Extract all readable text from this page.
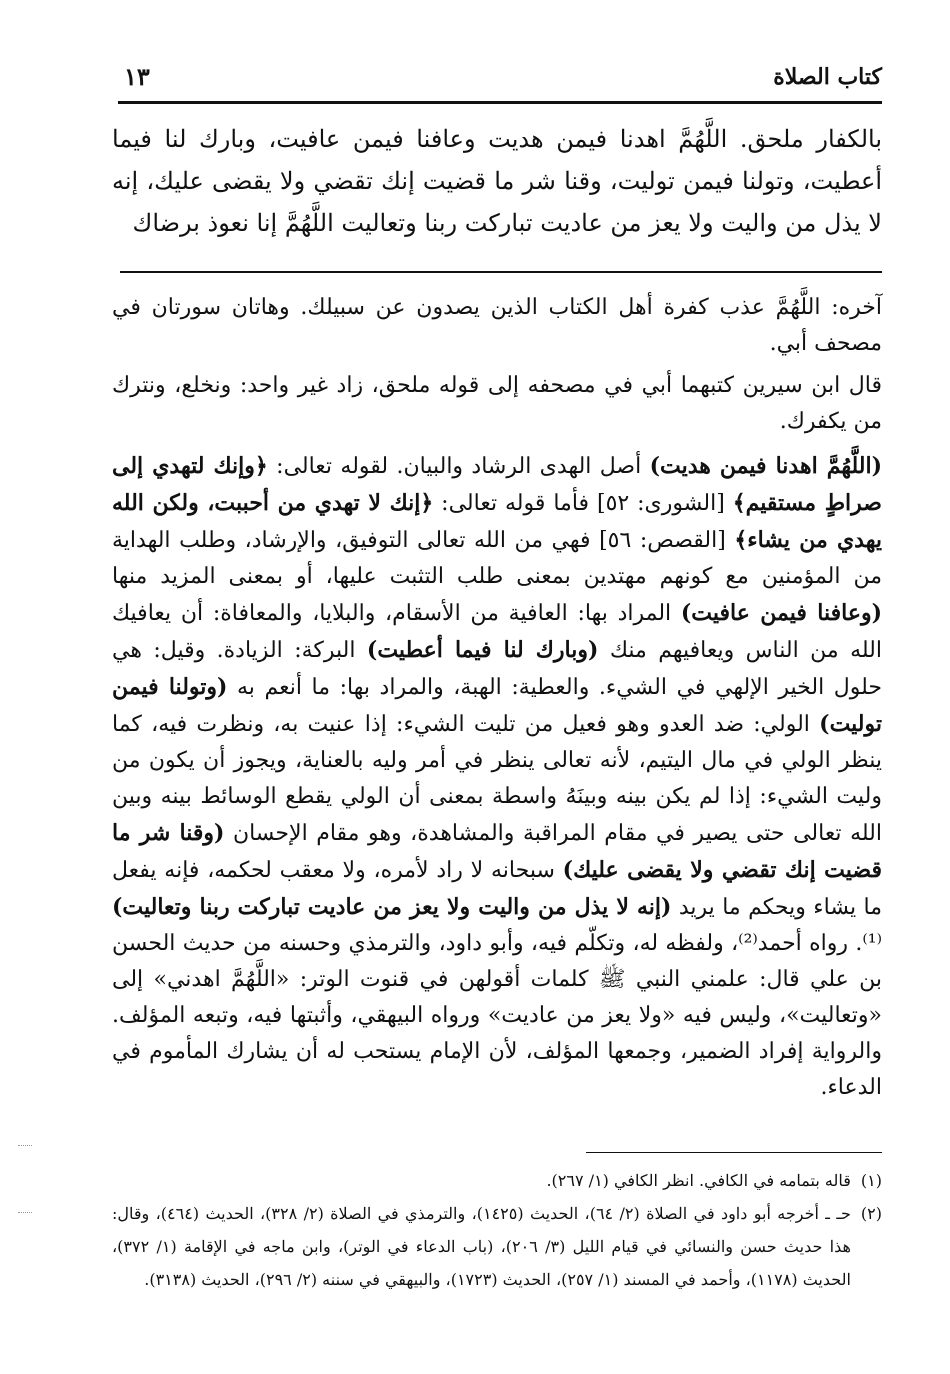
كتاب الصلاة
١٣
بالكفار ملحق. اللَّهُمَّ اهدنا فيمن هديت وعافنا فيمن عافيت، وبارك لنا فيما أعطيت، وتولنا فيمن توليت، وقنا شر ما قضيت إنك تقضي ولا يقضى عليك، إنه لا يذل من واليت ولا يعز من عاديت تباركت ربنا وتعاليت اللَّهُمَّ إنا نعوذ برضاك

آخره: اللَّهُمَّ عذب كفرة أهل الكتاب الذين يصدون عن سبيلك. وهاتان سورتان في مصحف أبي.

قال ابن سيرين كتبهما أبي في مصحفه إلى قوله ملحق، زاد غير واحد: ونخلع، ونترك من يكفرك.

(اللَّهُمَّ اهدنا فيمن هديت) أصل الهدى الرشاد والبيان. لقوله تعالى: ﴿وإنك لتهدي إلى صراطٍ مستقيم﴾ [الشورى: ٥٢] فأما قوله تعالى: ﴿إنك لا تهدي من أحببت، ولكن الله يهدي من يشاء﴾ [القصص: ٥٦] فهي من الله تعالى التوفيق، والإرشاد، وطلب الهداية من المؤمنين مع كونهم مهتدين بمعنى طلب التثبت عليها، أو بمعنى المزيد منها (وعافنا فيمن عافيت) المراد بها: العافية من الأسقام، والبلايا، والمعافاة: أن يعافيك الله من الناس ويعافيهم منك (وبارك لنا فيما أعطيت) البركة: الزيادة. وقيل: هي حلول الخير الإلهي في الشيء. والعطية: الهبة، والمراد بها: ما أنعم به (وتولنا فيمن توليت) الولي: ضد العدو وهو فعيل من تليت الشيء: إذا عنيت به، ونظرت فيه، كما ينظر الولي في مال اليتيم، لأنه تعالى ينظر في أمر وليه بالعناية، ويجوز أن يكون من وليت الشيء: إذا لم يكن بينه وبينَهُ واسطة بمعنى أن الولي يقطع الوسائط بينه وبين الله تعالى حتى يصير في مقام المراقبة والمشاهدة، وهو مقام الإحسان (وقنا شر ما قضيت إنك تقضي ولا يقضى عليك) سبحانه لا راد لأمره، ولا معقب لحكمه، فإنه يفعل ما يشاء ويحكم ما يريد (إنه لا يذل من واليت ولا يعز من عاديت تباركت ربنا وتعاليت)⁽¹⁾. رواه أحمد⁽²⁾، ولفظه له، وتكلّم فيه، وأبو داود، والترمذي وحسنه من حديث الحسن بن علي قال: علمني النبي ﷺ كلمات أقولهن في قنوت الوتر: «اللَّهُمَّ اهدني» إلى «وتعاليت»، وليس فيه «ولا يعز من عاديت» ورواه البيهقي، وأثبتها فيه، وتبعه المؤلف. والرواية إفراد الضمير، وجمعها المؤلف، لأن الإمام يستحب له أن يشارك المأموم في الدعاء.

(١)
قاله بتمامه في الكافي. انظر الكافي (١/ ٢٦٧).
(٢)
حـ ـ أخرجه أبو داود في الصلاة (٢/ ٦٤)، الحديث (١٤٢٥)، والترمذي في الصلاة (٢/ ٣٢٨)، الحديث (٤٦٤)، وقال: هذا حديث حسن والنسائي في قيام الليل (٣/ ٢٠٦)، (باب الدعاء في الوتر)، وابن ماجه في الإقامة (١/ ٣٧٢)، الحديث (١١٧٨)، وأحمد في المسند (١/ ٢٥٧)، الحديث (١٧٢٣)، والبيهقي في سننه (٢/ ٢٩٦)، الحديث (٣١٣٨).
